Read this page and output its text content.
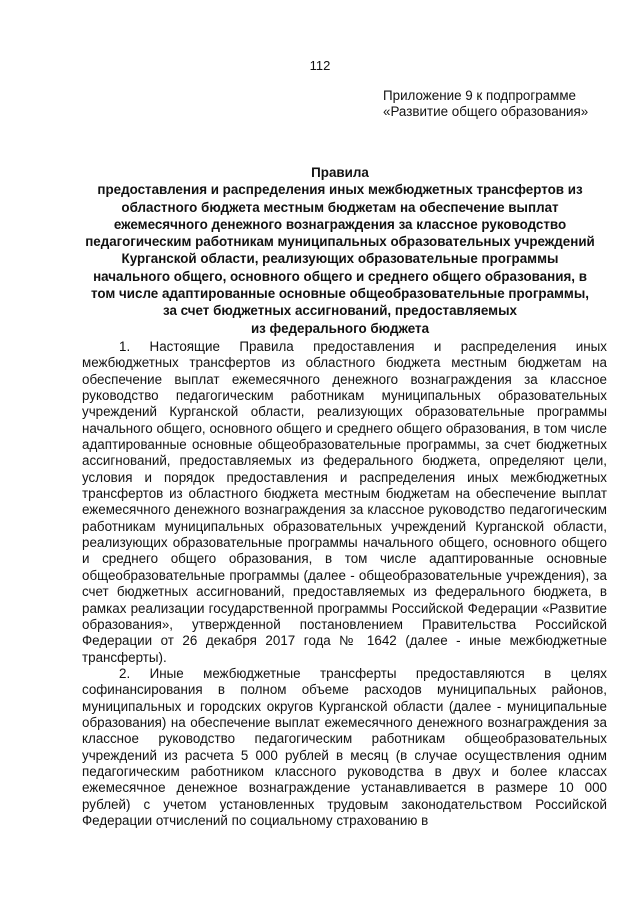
112
Приложение 9 к подпрограмме
«Развитие общего образования»
Правила
предоставления и распределения иных межбюджетных трансфертов из
областного бюджета местным бюджетам на обеспечение выплат
ежемесячного денежного вознаграждения за классное руководство
педагогическим работникам муниципальных образовательных учреждений
Курганской области, реализующих образовательные программы
начального общего, основного общего и среднего общего образования, в
том числе адаптированные основные общеобразовательные программы,
за счет бюджетных ассигнований, предоставляемых
из федерального бюджета

1. Настоящие Правила предоставления и распределения иных межбюджетных трансфертов из областного бюджета местным бюджетам на обеспечение выплат ежемесячного денежного вознаграждения за классное руководство педагогическим работникам муниципальных образовательных учреждений Курганской области, реализующих образовательные программы начального общего, основного общего и среднего общего образования, в том числе адаптированные основные общеобразовательные программы, за счет бюджетных ассигнований, предоставляемых из федерального бюджета, определяют цели, условия и порядок предоставления и распределения иных межбюджетных трансфертов из областного бюджета местным бюджетам на обеспечение выплат ежемесячного денежного вознаграждения за классное руководство педагогическим работникам муниципальных образовательных учреждений Курганской области, реализующих образовательные программы начального общего, основного общего и среднего общего образования, в том числе адаптированные основные общеобразовательные программы (далее - общеобразовательные учреждения), за счет бюджетных ассигнований, предоставляемых из федерального бюджета, в рамках реализации государственной программы Российской Федерации «Развитие образования», утвержденной постановлением Правительства Российской Федерации от 26 декабря 2017 года № 1642 (далее - иные межбюджетные трансферты).

2. Иные межбюджетные трансферты предоставляются в целях софинансирования в полном объеме расходов муниципальных районов, муниципальных и городских округов Курганской области (далее - муниципальные образования) на обеспечение выплат ежемесячного денежного вознаграждения за классное руководство педагогическим работникам общеобразовательных учреждений из расчета 5 000 рублей в месяц (в случае осуществления одним педагогическим работником классного руководства в двух и более классах ежемесячное денежное вознаграждение устанавливается в размере 10 000 рублей) с учетом установленных трудовым законодательством Российской Федерации отчислений по социальному страхованию в
